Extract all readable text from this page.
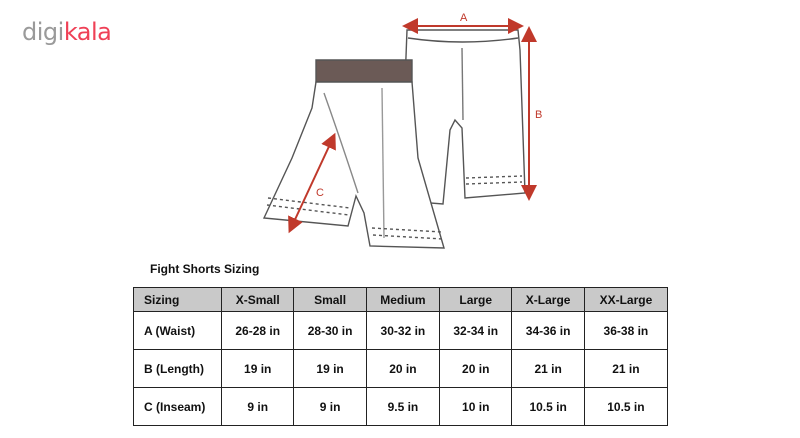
digikala	A
B
C
Fight Shorts Sizing
Sizing	X-Small	Small	Medium	Large	X-Large	XX-Large
A (Waist)	26-28 in	28-30 in	30-32 in	32-34 in	34-36 in	36-38 in
B (Length)	19 in	19 in	20 in	20 in	21 in	21 in
C (Inseam)	9 in	9 in	9.5 in	10 in	10.5 in	10.5 in
